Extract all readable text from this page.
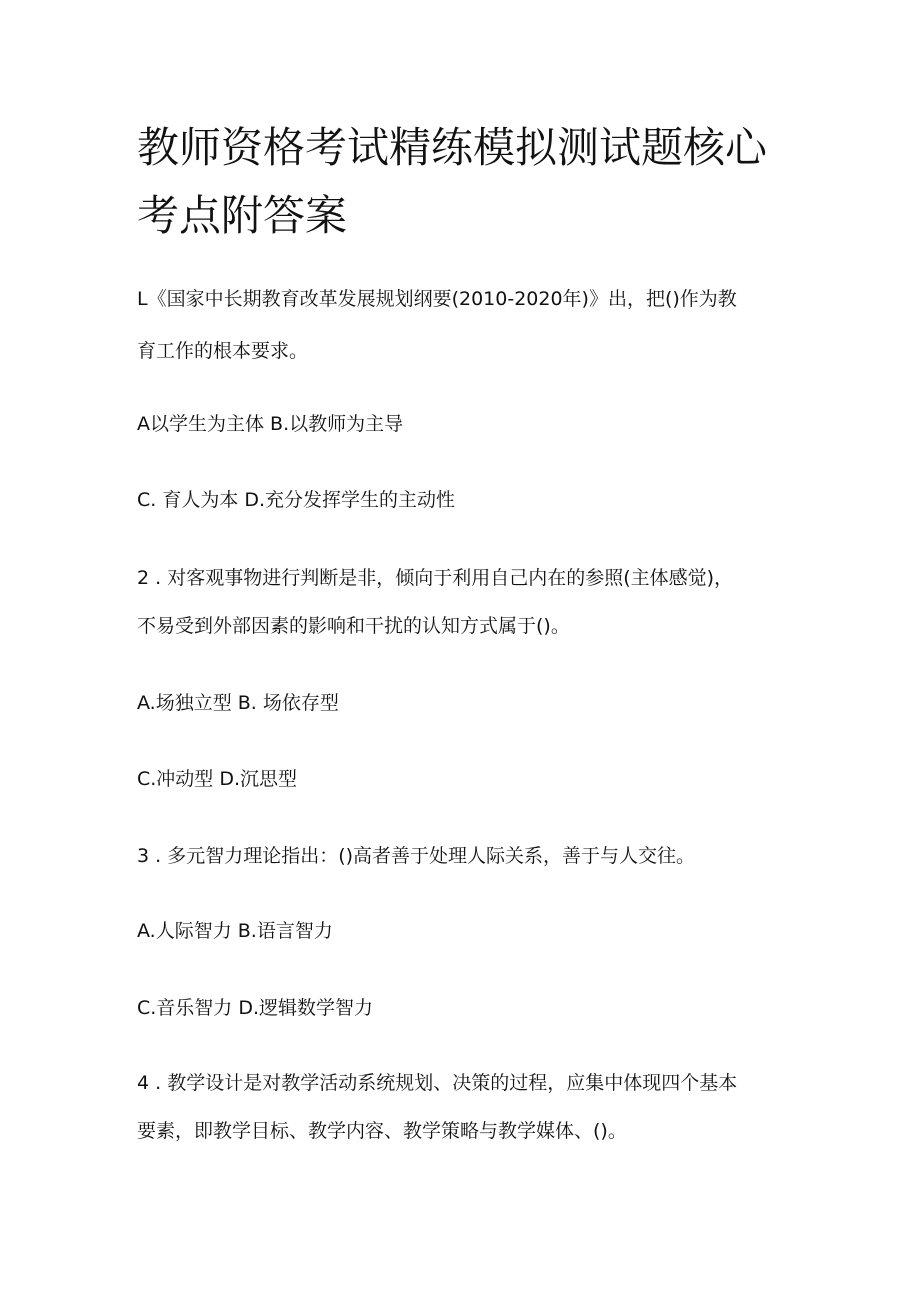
教师资格考试精练模拟测试题核心
考点附答案

L《国家中长期教育改革发展规划纲要(2010-2020年)》出，把()作为教

育工作的根本要求。

A以学生为主体 B.以教师为主导

C. 育人为本 D.充分发挥学生的主动性

2 . 对客观事物进行判断是非，倾向于利用自己内在的参照(主体感觉)，

不易受到外部因素的影响和干扰的认知方式属于()。

A.场独立型 B. 场依存型

C.冲动型 D.沉思型

3 . 多元智力理论指出：()高者善于处理人际关系，善于与人交往。

A.人际智力 B.语言智力

C.音乐智力 D.逻辑数学智力

4 . 教学设计是对教学活动系统规划、决策的过程，应集中体现四个基本

要素，即教学目标、教学内容、教学策略与教学媒体、()。
